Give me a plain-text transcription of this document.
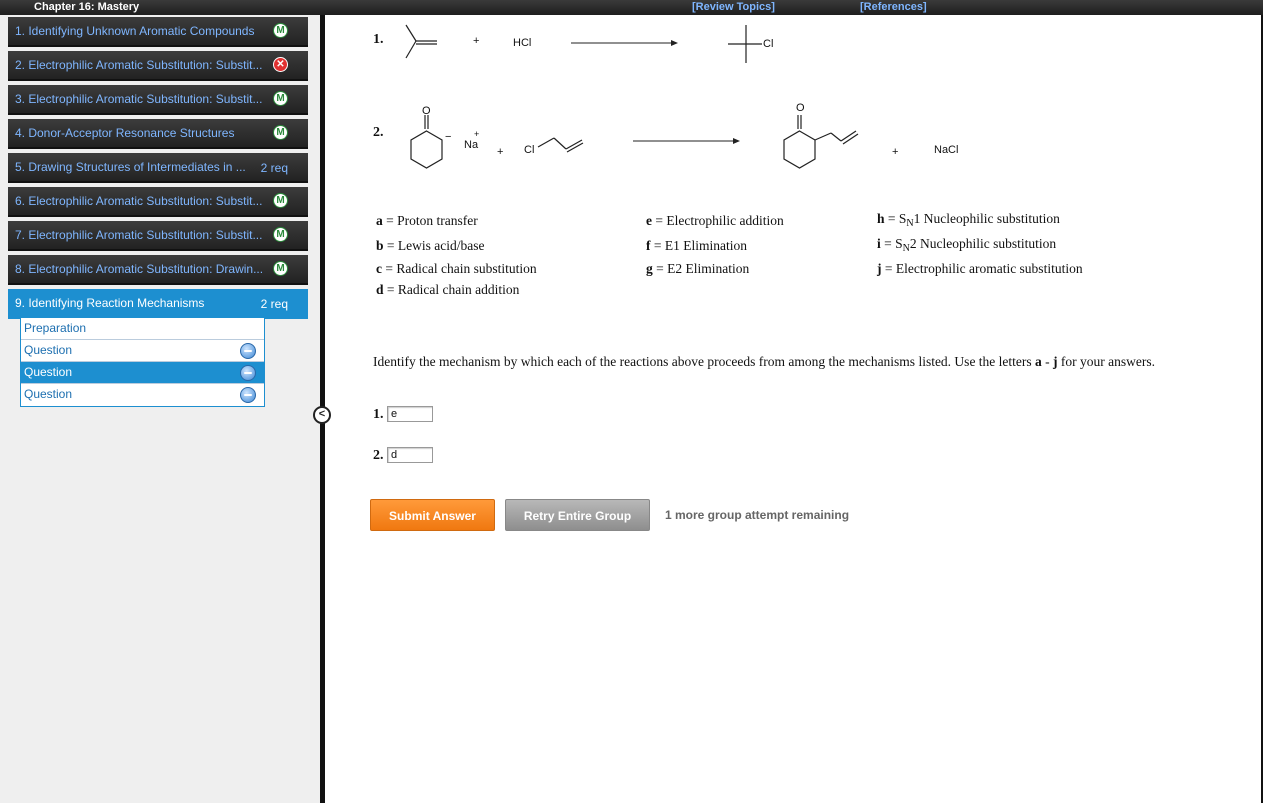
Chapter 16: Mastery	[Review Topics]	[References]
1. Identifying Unknown Aromatic Compounds	M
2. Electrophilic Aromatic Substitution: Substit...	✕
3. Electrophilic Aromatic Substitution: Substit...	M
4. Donor-Acceptor Resonance Structures	M
5. Drawing Structures of Intermediates in ... 2 req
6. Electrophilic Aromatic Substitution: Substit...	M
7. Electrophilic Aromatic Substitution: Substit...	M
8. Electrophilic Aromatic Substitution: Drawin...	M
9. Identifying Reaction Mechanisms	2 req
Preparation
Question
Question
Question
<
1.	+	HCl	Cl
2.
O
−	+
Na
+ Cl
O
+	NaCl
a = Proton transfer
b = Lewis acid/base
c = Radical chain substitution
d = Radical chain addition
e = Electrophilic addition
f = E1 Elimination
g = E2 Elimination
$h = S_N1$ Nucleophilic substitution
$i = S_N2$ Nucleophilic substitution
j = Electrophilic aromatic substitution
Identify the mechanism by which each of the reactions above proceeds from among the mechanisms listed. Use the letters a - j for your answers.
1.
e
2.
d
Submit Answer	Retry Entire Group	1 more group attempt remaining
